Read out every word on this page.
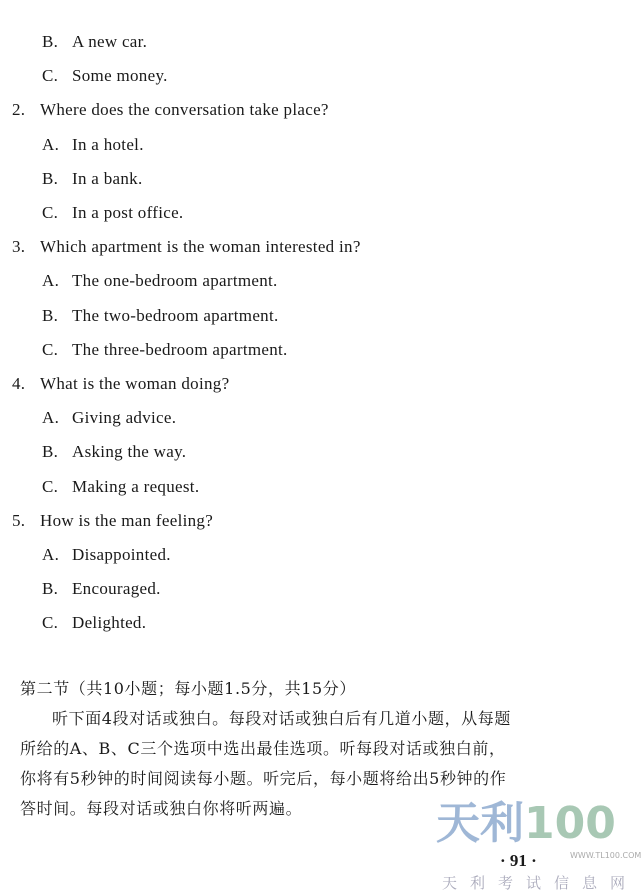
B. A new car.
C. Some money.
2. Where does the conversation take place?
A. In a hotel.
B. In a bank.
C. In a post office.
3. Which apartment is the woman interested in?
A. The one-bedroom apartment.
B. The two-bedroom apartment.
C. The three-bedroom apartment.
4. What is the woman doing?
A. Giving advice.
B. Asking the way.
C. Making a request.
5. How is the man feeling?
A. Disappointed.
B. Encouraged.
C. Delighted.
第二节（共10小题；每小题1.5分，共15分）
听下面4段对话或独白。每段对话或独白后有几道小题，从每题
所给的A、B、C三个选项中选出最佳选项。听每段对话或独白前，
你将有5秒钟的时间阅读每小题。听完后，每小题将给出5秒钟的作
答时间。每段对话或独白你将听两遍。	天利100
WWW.TL100.COM
· 91 ·
天利考试信息网
